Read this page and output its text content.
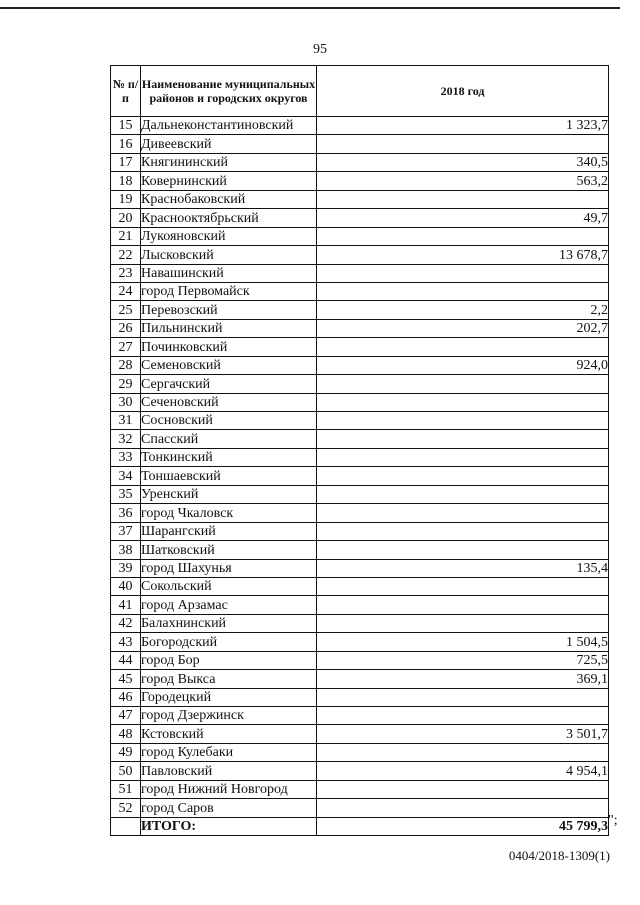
95
№ п/п	Наименование муниципальных районов и городских округов	2018 год
15	Дальнеконстантиновский	1 323,7
16	Дивеевский	
17	Княгининский	340,5
18	Ковернинский	563,2
19	Краснобаковский	
20	Краснооктябрьский	49,7
21	Лукояновский	
22	Лысковский	13 678,7
23	Навашинский	
24	город Первомайск	
25	Перевозский	2,2
26	Пильнинский	202,7
27	Починковский	
28	Семеновский	924,0
29	Сергачский	
30	Сеченовский	
31	Сосновский	
32	Спасский	
33	Тонкинский	
34	Тоншаевский	
35	Уренский	
36	город Чкаловск	
37	Шарангский	
38	Шатковский	
39	город Шахунья	135,4
40	Сокольский	
41	город Арзамас	
42	Балахнинский	
43	Богородский	1 504,5
44	город Бор	725,5
45	город Выкса	369,1
46	Городецкий	
47	город Дзержинск	
48	Кстовский	3 501,7
49	город Кулебаки	
50	Павловский	4 954,1
51	город Нижний Новгород	
52	город Саров	
	ИТОГО:	45 799,3 ";
0404/2018-1309(1)
